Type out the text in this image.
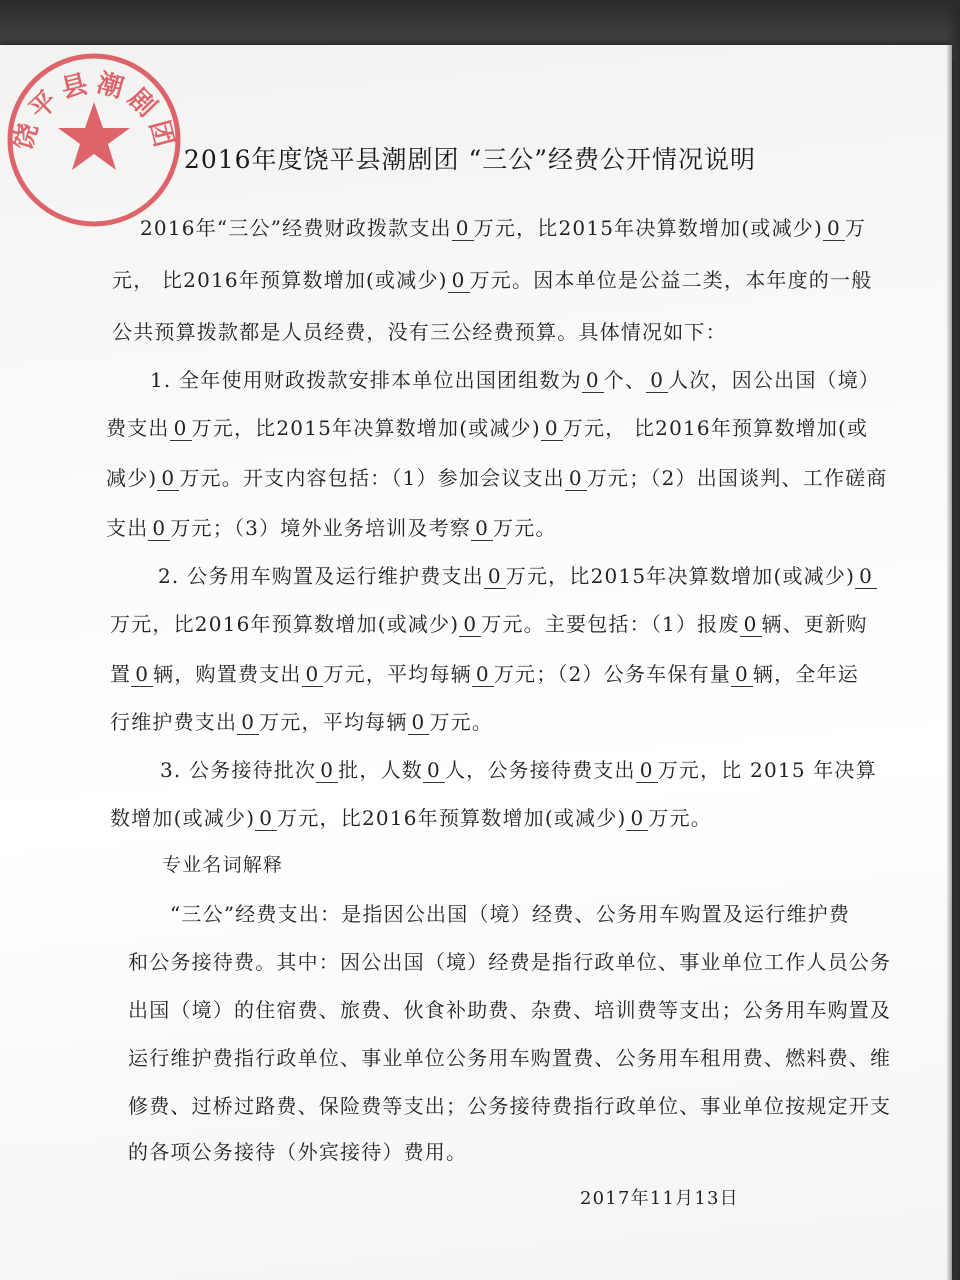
饶平县潮剧团
2016年度饶平县潮剧团 “三公”经费公开情况说明
2016年“三公”经费财政拨款支出 0 万元，比2015年决算数增加(或减少) 0 万
元， 比2016年预算数增加(或减少) 0 万元。因本单位是公益二类，本年度的一般
公共预算拨款都是人员经费，没有三公经费预算。具体情况如下：
1. 全年使用财政拨款安排本单位出国团组数为 0 个、 0 人次，因公出国（境）
费支出 0 万元，比2015年决算数增加(或减少) 0 万元， 比2016年预算数增加(或
减少) 0 万元。开支内容包括：（1）参加会议支出 0 万元；（2）出国谈判、工作磋商
支出 0 万元；（3）境外业务培训及考察 0 万元。
2. 公务用车购置及运行维护费支出 0 万元，比2015年决算数增加(或减少) 0
万元，比2016年预算数增加(或减少) 0 万元。主要包括：（1）报废 0 辆、更新购
置 0 辆，购置费支出 0 万元，平均每辆 0 万元；（2）公务车保有量 0 辆，全年运
行维护费支出 0 万元，平均每辆 0 万元。
3. 公务接待批次 0 批，人数 0 人，公务接待费支出 0 万元，比 2015 年决算
数增加(或减少) 0 万元，比2016年预算数增加(或减少) 0 万元。
专业名词解释
“三公”经费支出：是指因公出国（境）经费、公务用车购置及运行维护费
和公务接待费。其中：因公出国（境）经费是指行政单位、事业单位工作人员公务
出国（境）的住宿费、旅费、伙食补助费、杂费、培训费等支出；公务用车购置及
运行维护费指行政单位、事业单位公务用车购置费、公务用车租用费、燃料费、维
修费、过桥过路费、保险费等支出；公务接待费指行政单位、事业单位按规定开支
的各项公务接待（外宾接待）费用。
2017年11月13日
